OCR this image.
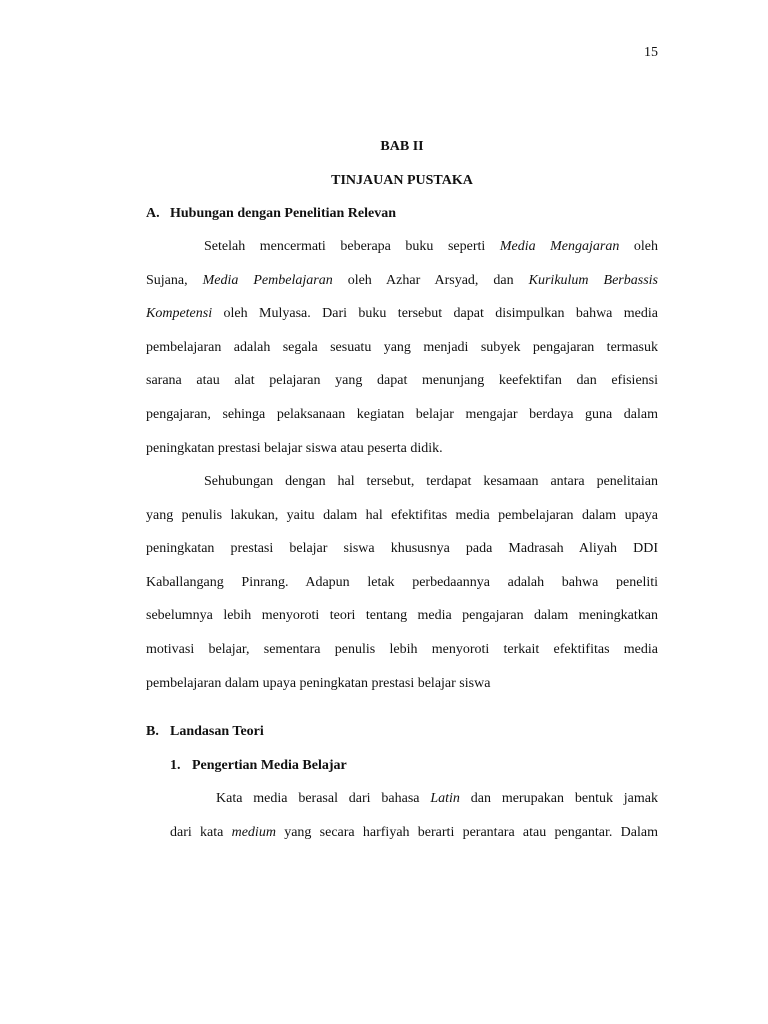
15
BAB II
TINJAUAN PUSTAKA
A. Hubungan dengan Penelitian Relevan
Setelah mencermati beberapa buku seperti Media Mengajaran oleh
Sujana, Media Pembelajaran oleh Azhar Arsyad, dan Kurikulum Berbassis
Kompetensi oleh Mulyasa. Dari buku tersebut dapat disimpulkan bahwa media
pembelajaran adalah segala sesuatu yang menjadi subyek pengajaran termasuk
sarana atau alat pelajaran yang dapat menunjang keefektifan dan efisiensi
pengajaran, sehinga pelaksanaan kegiatan belajar mengajar berdaya guna dalam
peningkatan prestasi belajar siswa atau peserta didik.
Sehubungan dengan hal tersebut, terdapat kesamaan antara penelitaian
yang penulis lakukan, yaitu dalam hal efektifitas media pembelajaran dalam upaya
peningkatan prestasi belajar siswa khususnya pada Madrasah Aliyah DDI
Kaballangang Pinrang. Adapun letak perbedaannya adalah bahwa peneliti
sebelumnya lebih menyoroti teori tentang media pengajaran dalam meningkatkan
motivasi belajar, sementara penulis lebih menyoroti terkait efektifitas media
pembelajaran dalam upaya peningkatan prestasi belajar siswa
B. Landasan Teori
1. Pengertian Media Belajar
Kata media berasal dari bahasa Latin dan merupakan bentuk jamak
dari kata medium yang secara harfiyah berarti perantara atau pengantar. Dalam
